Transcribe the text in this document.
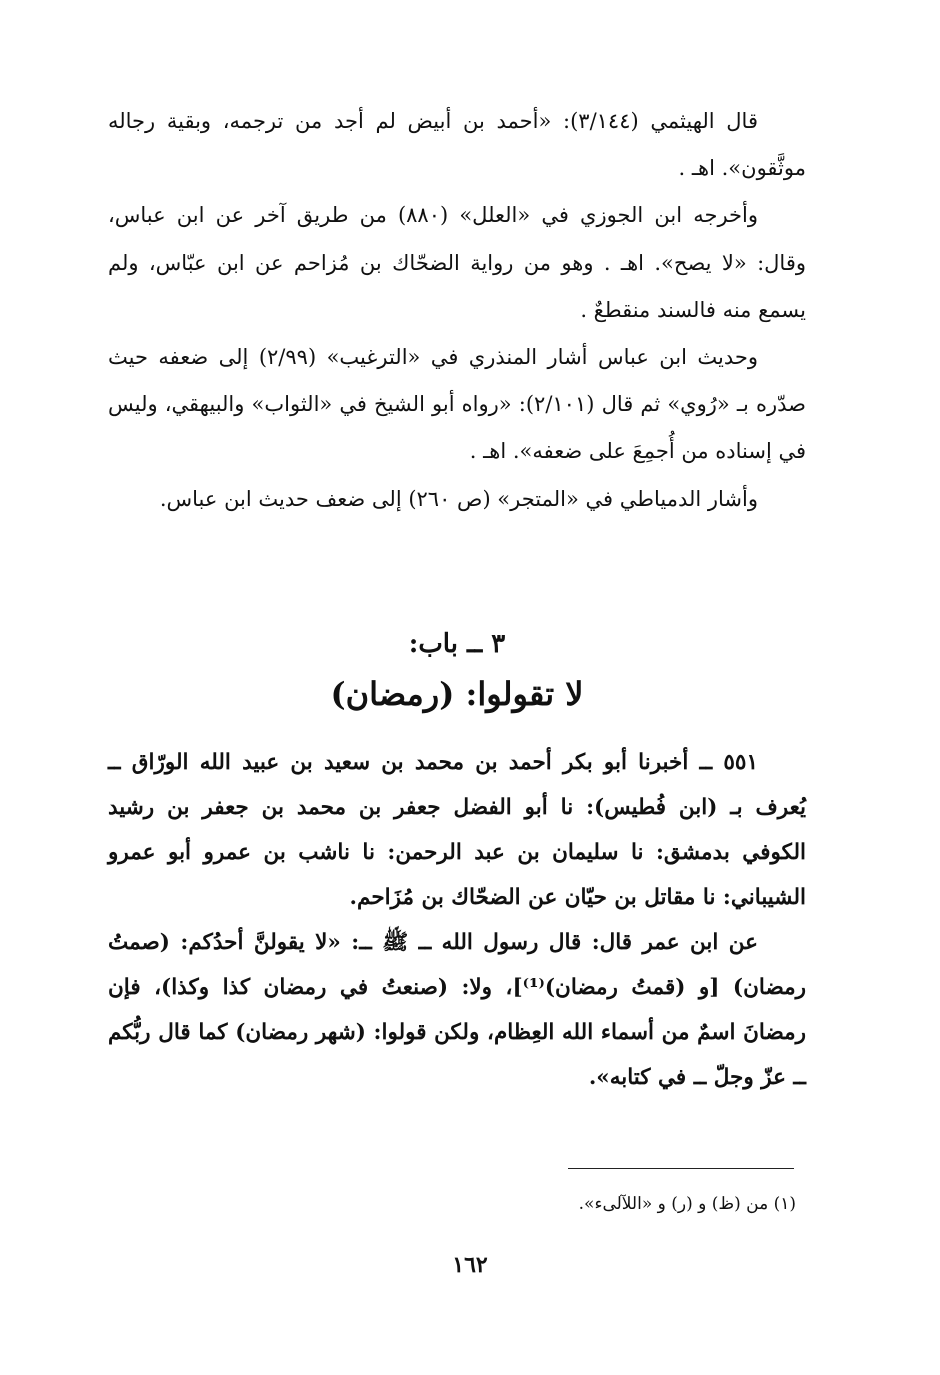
قال الهيثمي (٣/١٤٤): «أحمد بن أبيض لم أجد من ترجمه، وبقية رجاله موثَّقون». اهـ .

وأخرجه ابن الجوزي في «العلل» (٨٨٠) من طريق آخر عن ابن عباس، وقال: «لا يصح». اهـ . وهو من رواية الضحّاك بن مُزاحم عن ابن عبّاس، ولم يسمع منه فالسند منقطعٌ .

وحديث ابن عباس أشار المنذري في «الترغيب» (٢/٩٩) إلى ضعفه حيث صدّره بـ «رُوي» ثم قال (٢/١٠١): «رواه أبو الشيخ في «الثواب» والبيهقي، وليس في إسناده من أُجمِعَ على ضعفه». اهـ .

وأشار الدمياطي في «المتجر» (ص ٢٦٠) إلى ضعف حديث ابن عباس.

٣ ــ باب:
لا تقولوا: (رمضان)

٥٥١ ــ أخبرنا أبو بكر أحمد بن محمد بن سعيد بن عبيد الله الورّاق ــ يُعرف بـ (ابن فُطيس): نا أبو الفضل جعفر بن محمد بن جعفر بن رشيد الكوفي بدمشق: نا سليمان بن عبد الرحمن: نا ناشب بن عمرو أبو عمرو الشيباني: نا مقاتل بن حيّان عن الضحّاك بن مُزَاحم.

عن ابن عمر قال: قال رسول الله ــ ﷺ ــ: «لا يقولنَّ أحدُكم: (صمتُ رمضان) [و (قمتُ رمضان)⁽¹⁾]، ولا: (صنعتُ في رمضان كذا وكذا)، فإن رمضانَ اسمٌ من أسماء الله العِظام، ولكن قولوا: (شهر رمضان) كما قال ربُّكم ــ عزّ وجلّ ــ في كتابه».

(١) من (ظ) و (ر) و «اللآلىء».
١٦٢
